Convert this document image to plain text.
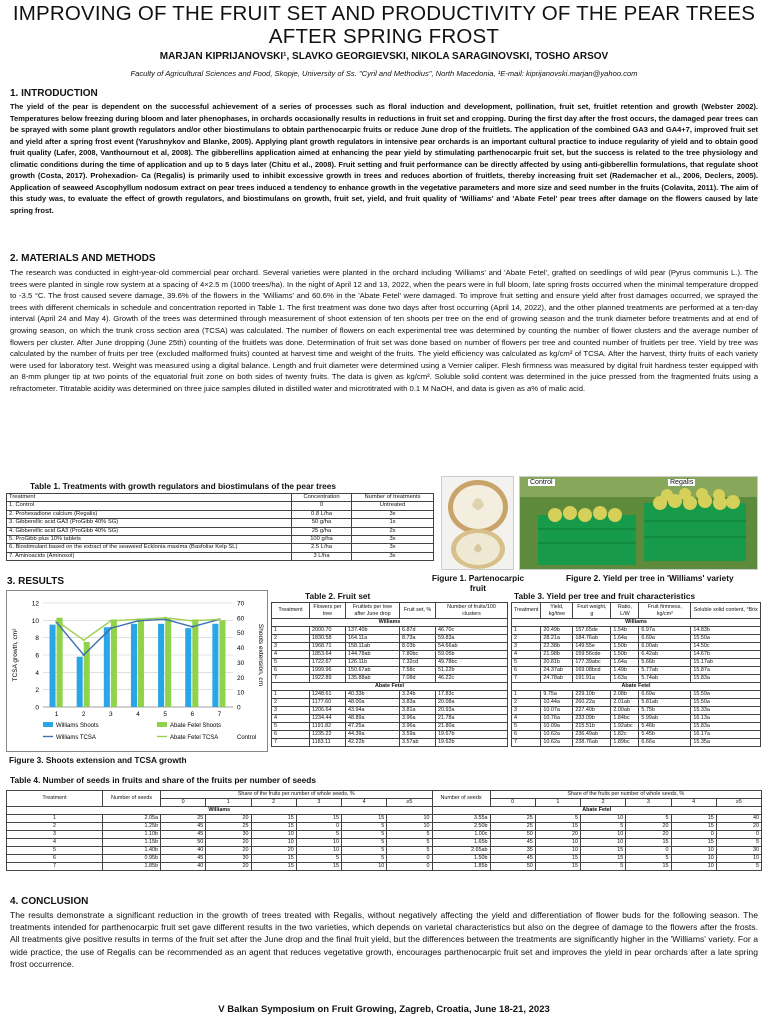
IMPROVING OF THE FRUIT SET AND PRODUCTIVITY OF THE PEAR TREES
AFTER SPRING FROST
MARJAN KIPRIJANOVSKI¹, SLAVKO GEORGIEVSKI, NIKOLA SARAGINOVSKI, TOSHO ARSOV
Faculty of Agricultural Sciences and Food, Skopje, University of Ss. "Cyril and Methodius", North Macedonia, ¹E-mail: kiprijanovski.marjan@yahoo.com
1. INTRODUCTION
The yield of the pear is dependent on the successful achievement of a series of processes such as floral induction and development, pollination, fruit set, fruitlet retention and growth (Webster 2002). Temperatures below freezing during bloom and later phenophases, in orchards occasionally results in reductions in fruit set and cropping. During the first day after the frost occurs, the damaged pear trees can be sprayed with some plant growth regulators and/or other biostimulans to obtain parthenocarpic fruits or reduce June drop of the fruitlets. The application of the combined GA3 and GA4+7, improved fruit set and yield after a spring frost event (Yarushnykov and Blanke, 2005). Applying plant growth regulators in intensive pear orchards is an important cultural practice to induce regularity of yield and to obtain good fruit quality (Lafer, 2008, Vanthournout et al, 2008). The gibberellins application aimed at enhancing the pear yield by stimulating parthenocarpic fruit set, but the success is related to the tree physiology and climatic conditions during the time of application and up to 5 days later (Chitu et al., 2008). Fruit setting and fruit performance can be directly affected by using anti-gibberellin formulations, that regulate shoot growth (Costa, 2017). Prohexadion- Ca (Regalis) is primarily used to inhibit excessive growth in trees and reduces abortion of fruitlets, thereby increasing fruit set (Rademacher et al., 2006, Declers, 2005). Application of seaweed Ascophyllum nodosum extract on pear trees induced a tendency to enhance growth in the vegetative parameters and more size and seed number in the fruits (Colavita, 2011). The aim of this study was, to evaluate the effect of growth regulators, and biostimulans on growth, fruit set, yield, and fruit quality of 'Williams' and 'Abate Fetel' pear trees after damage on the flowers caused by late spring frost.
2. MATERIALS AND METHODS
The research was conducted in eight-year-old commercial pear orchard. Several varieties were planted in the orchard including 'Williams' and 'Abate Fetel', grafted on seedlings of wild pear (Pyrus communis L.). The trees were planted in single row system at a spacing of 4×2.5 m (1000 trees/ha). In the night of April 12 and 13, 2022, when the pears were in full bloom, late spring frosts occurred when the minimal temperature dropped to -3.5 °C. The frost caused severe damage, 39.6% of the flowers in the 'Williams' and 60.6% in the 'Abate Fetel' were damaged. To improve fruit setting and ensure yield after frost damages occurred, we sprayed the trees with different chemicals in schedule and concentration reported in Table 1. The first treatment was done two days after frost occurring (April 14, 2022), and the other planned treatments are performed at a ten-day interval (April 24 and May 4). Growth of the trees was determined through measurement of shoot extension of ten shoots per tree on the end of growing season and the trunk diameter before treatments and at end of growing season, on which the trunk cross section area (TCSA) was calculated. The number of flowers on each experimental tree was determined by counting the number of flower clusters and the average number of flowers per cluster. After June dropping (June 25th) counting of the fruitlets was done. Determination of fruit set was done based on number of flowers per tree and counted number of fruitlets per tree. Yield by tree was calculated by the number of fruits per tree (excluded malformed fruits) counted at harvest time and weight of the fruits. The yield efficiency was calculated as kg/cm² of TCSA. After the harvest, thirty fruits of each variety were used for laboratory test. Weight was measured using a digital balance. Length and fruit diameter were determined using a Vernier caliper. Flesh firmness was measured by digital fruit hardness tester equipped with an 8-mm plunger tip at two points of the equatorial fruit zone on both sides of twenty fruits. The data is given as kg/cm². Soluble solid content was determined in the juice pressed from the fragmented fruits using a refractometer. Titratable acidity was determined on three juice samples diluted in distilled water and microtitrated with 0.1 M NaOH, and data is given as a% of malic acid.
Table 1. Treatments with growth regulators and biostimulans of the pear trees
Treatment	Concentration	Number of treatments
1. Control	0	Untreated
2. Prohexadione calcium (Regalis)	0.8 L/ha	3x
3. Gibberellic acid GA3 (ProGibb 40% SG)	50 g/ha	1x
4. Gibberellic acid GA3 (ProGibb 40% SG)	25 g/ha	2x
5. ProGibb plus 10% tablets	100 g/ha	3x
6. Biostimulant based on the extract of the seaweed Ecklonia maxima (Basfoliar Kelp SL)	2.5 L/ha	3x
7. Aminoacids (Aminosol)	3 L/ha	3x
Control	Regalis
Figure 1. Partenocarpic fruit
Figure 2. Yield per tree in 'Williams' variety
3. RESULTS
0
2
4
6
8
10
12
0
10
20
30
40
50
60
70
1	2	3	4	5	6	7
TCSA growth, cm²	Shoots extension, cm
Williams Shoots	Abate Fetel Shoots
Williams TCSA	Abate Fetel TCSA	Control
Figure 3. Shoots extension and TCSA growth
Table 2. Fruit set
Treatment	Flowers per tree	Fruitlets per tree after June drop	Fruit set, %	Number of fruits/100 clusters
Williams				
1	2000.70	137.40b	6.87d	46.70c
2	1830.58	164.11a	8.73a	59.83a
3	1968.71	158.11ab	8.03b	54.66ab
4	1853.64	144.78ab	7.80bc	59.05b
5	1722.67	126.11b	7.32cd	49.78bc
6	1999.96	150.67ab	7.58c	51.22b
7	1922.89	135.88ab	7.08d	46.22c
Abate Fetel				
1	1248.61	40.33b	3.24b	17.83c
2	1177.60	48.00a	3.83a	20.08a
3	1206.64	43.94a	3.81a	20.93a
4	1234.44	48.89a	3.96a	21.78a
5	1191.82	47.25a	3.96a	21.80a
6	1235.22	44.39a	3.59a	19.67b
7	1183.11	42.22b	3.57ab	19.62b
Table 3. Yield per tree and fruit characteristics
Treatment	Yield, kg/tree	Fruit weight, g	Ratio, L/W	Fruit firmness, kg/cm²	Soluble solid content, °Brix
Williams					
1	20.49b	157.65de	1.54b	6.97a	14.83b
2	28.21a	184.76ab	1.64a	6.69a	15.50a
3	22.38b	149.55e	1.50b	6.00ab	14.50c
4	21.98b	159.56cde	1.50b	6.42ab	14.67b
5	20.81b	177.39abc	1.64a	5.66b	15.17ab
6	24.37ab	169.08bcd	1.49b	5.77ab	15.87a
7	24.78ab	191.91a	1.63a	5.74ab	15.83a
Abate Fetel					
1	9.75a	229.10b	2.08b	6.69a	15.59a
2	10.44a	260.22a	2.01ab	5.81ab	15.50a
3	10.07a	227.40b	2.00ab	5.75b	15.33a
4	10.76a	233.09b	1.84bc	5.99ab	16.13a
5	10.09a	215.51b	1.92abc	5.46b	15.83a
6	10.62a	236.49ab	1.82c	5.45b	16.17a
7	10.62a	238.76ab	1.89bc	6.66a	15.35a
Table 4. Number of seeds in fruits and share of the fruits per number of seeds
Treatment	Number of seeds	Share of the fruits per number of whole seeds, %						Number of seeds	Share of the fruits per number of whole seeds, %					
		0	1	2	3	4	≥5		0	1	2	3	4	≥5
Williams								Abate Fetel						
1	2.05a	25	20	15	15	15	10	3.55a	25	5	10	5	15	40
2	1.25b	45	25	15	0	5	10	2.50b	25	15	5	20	15	20
3	1.10b	45	30	10	5	5	5	1.00c	50	20	10	20	0	0
4	1.15b	50	20	10	10	5	5	1.65b	45	10	10	15	15	5
5	1.40b	40	20	20	10	5	5	2.65ab	35	10	15	0	10	30
6	0.95b	45	30	15	5	5	0	1.50b	45	15	15	5	10	10
7	1.85b	40	20	15	15	10	0	1.85b	50	15	5	15	10	5
4. CONCLUSION
The results demonstrate a significant reduction in the growth of trees treated with Regalis, without negatively affecting the yield and differentiation of flower buds for the following season. The treatments intended for parthenocarpic fruit set gave different results in the two varieties, which depends on varietal characteristics but also on the degree of damage to the flowers after the frosts. All treatments give positive results in terms of the fruit set after the June drop and the final fruit yield, but the differences between the treatments are significantly higher in the 'Williams' variety. For a wide practice, the use of Regalis can be recommended as an agent that reduces vegetative growth, encourages parthenocarpic fruit set and improves the yield in pear orchards after a late spring frost occurrence.
V Balkan Symposium on Fruit Growing, Zagreb, Croatia, June 18-21, 2023
